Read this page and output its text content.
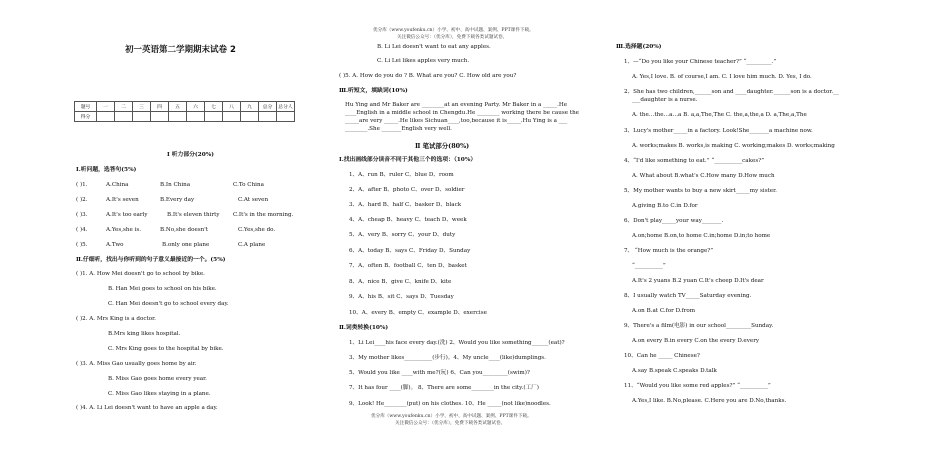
初一英语第二学期期末试卷 2
题号	一	二	三	四	五	六	七	八	九	总分	总分人
得分											
Ⅰ 听力部分(20%)
Ⅰ.听问题，选答句(5%)
( )1.	A.China	B.In China	C.To China
( )2.	A.It's seven	B.Every day	C.At seven
( )3.	A.It's too early	B.It's eleven thirty C.It's in the morning.
( )4.	A.Yes,she is.	B.No,she doesn't	C.Yes,she do.
( )5.	A.Two	B.only one plane	C.A plane
Ⅱ.仔细听，找出与你听到的句子意义最接近的一个。(5%)
( )1. A. How Mei doesn't go to school by bike.
B. Han Mei goes to school on his bike.
C. Han Mei doesn't go to school every day.
( )2. A. Mrs King is a doctor.
B.Mrs king likes hospital.
C. Mrs King goes to the hospital by bike.
( )3. A. Miss Gao usually goes home by air.
B. Miss Gao goes home every year.
C. Miss Gao likes staying in a plane.
( )4. A. Li Lei doesn't want to have an apple a day.
优分库（www.youfenku.cn）小学、初中、高中试题、案例、PPT课件下载。
关注微信公众号：（优分库），免费下载各类试题试卷。
B. Li Lei doesn't want to eat any apples.
C. Li Lei likes apples very much.
( )5. A. How do you do ? B. What are you? C. How old are you?
Ⅲ.听短文，填缺词(10%)
Hu Ying and Mr Baker are ________at an evening Party. Mr Baker in a _____.He
____English in a middle school in Chengdu.He ________ working there be cause the
_____are very _____.He likes Sichuan____,too,because it is_____.Hu Ying is a ___
________.She _______English very well.
Ⅱ 笔试部分(80%)
Ⅰ.找出画线部分读音不同于其他三个的选项：（10%）
1、A、run B、ruler C、blue D、room
2、A、after B、photo C、over D、soldier
3、A、hard B、half C、basker D、black
4、A、cheap B、heavy C、teach D、week
5、A、very B、sorry C、your D、duty
6、A、today B、says C、Friday D、Sunday
7、A、often B、football C、ten D、basket
8、A、nice B、give C、knife D、kite
9、A、his B、sit C、says D、Tuesday
10、A、every B、empty C、example D、exercise
Ⅱ.词类转换(10%)
1、Li Lei____his face every day.(洗) 2、Would you like something______(eat)?
3、My mother likes__________(步行)。4、My uncle____(like)dumplings.
5、Would you like ____with me?(玩) 6、Can you_________(swim)?
7、It has four ____(脚)。 8、There are some________in the city.(工厂)
9、Look! He________(put) on his clothes. 10、He _____(not like)noodles.
优分库（www.youfenku.cn）小学、初中、高中试题、案例、PPT课件下载。
关注微信公众号：（优分库），免费下载各类试题试卷。
Ⅲ.选择题(20%)
1、—“Do you like your Chinese teacher?” “_________.”
A. Yes,I love. B. of course,I am. C. I love him much. D. Yes, I do.
2、She has two children,______son and ____daughter.______son is a doctor.__
___daughter is a nurse.
A. the…the…a…a B. a,a,The,The C. the,a,the,a D. a,The,a,The
3、Lucy's mother_____in a factory. Look!She_______a machine now.
A. works;makes B. works,is making C. working;makes D. works;making
4、“I'd like something to eat.” “__________cakes?”
A. What about B.what's C.How many D.How much
5、My mother wants to buy a new skirt_____my sister.
A.giving B.to C.in D.for
6、Don't play_____your way_______.
A.on;home B.on,to home C.in;home D.in;to home
7、 “How much is the orange?”
“__________”
A.It's 2 yuans B.2 yuan C.It's cheep D.It's dear
8、I usually watch TV_____Saturday evening.
A.on B.at C.for D.from
9、There's a film(电影) in our school_________Sunday.
A.on every B.in every C.on the every D.every
10、Can he _____ Chinese?
A.say B.speak C.speaks D.talk
11、“Would you like some red apples?” “__________”
A.Yes,I like. B.No,please. C.Here you are D.No,thanks.
